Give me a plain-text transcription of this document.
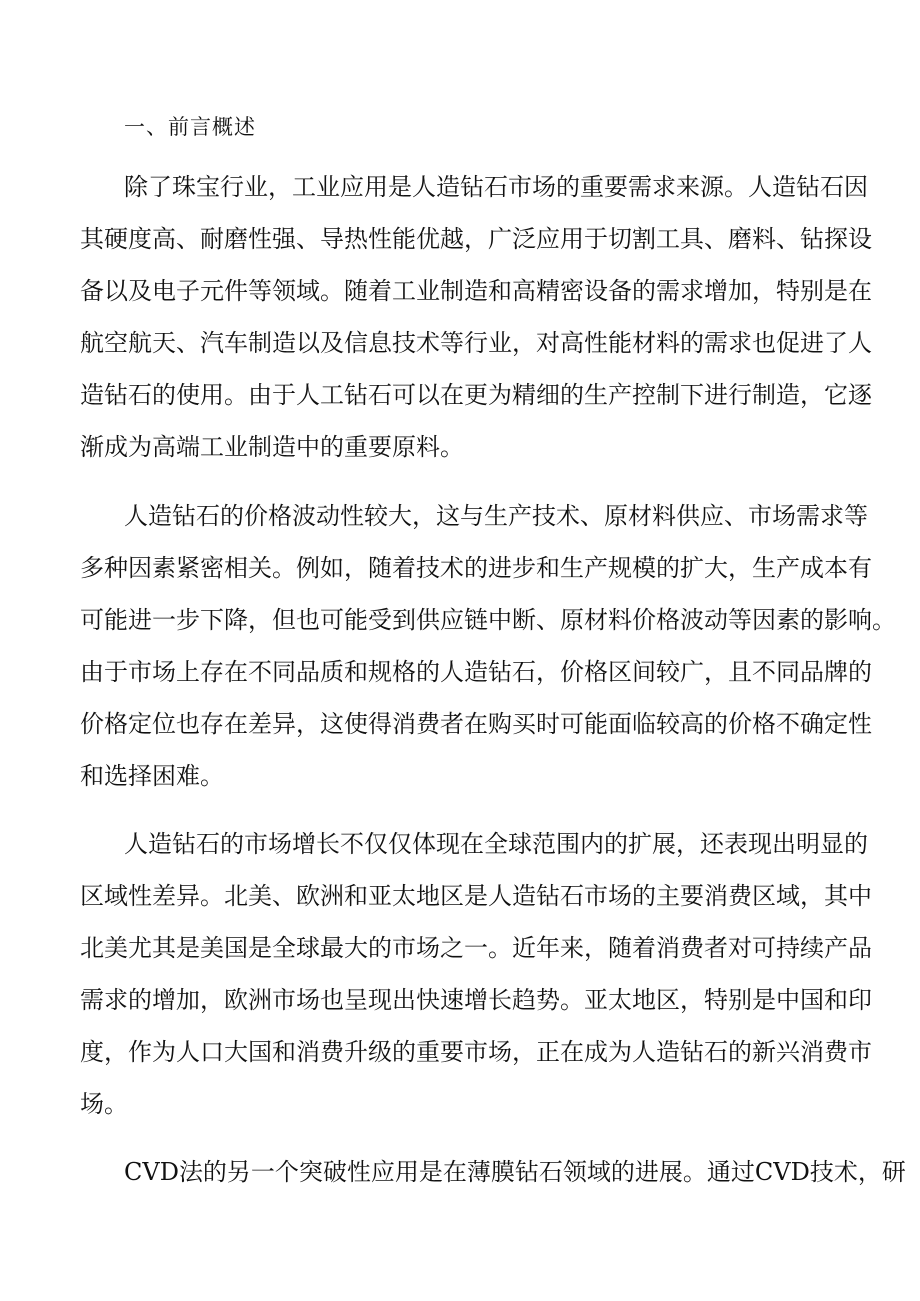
一、前言概述
除了珠宝行业，工业应用是人造钻石市场的重要需求来源。人造钻石因
其硬度高、耐磨性强、导热性能优越，广泛应用于切割工具、磨料、钻探设
备以及电子元件等领域。随着工业制造和高精密设备的需求增加，特别是在
航空航天、汽车制造以及信息技术等行业，对高性能材料的需求也促进了人
造钻石的使用。由于人工钻石可以在更为精细的生产控制下进行制造，它逐
渐成为高端工业制造中的重要原料。
人造钻石的价格波动性较大，这与生产技术、原材料供应、市场需求等
多种因素紧密相关。例如，随着技术的进步和生产规模的扩大，生产成本有
可能进一步下降，但也可能受到供应链中断、原材料价格波动等因素的影响。
由于市场上存在不同品质和规格的人造钻石，价格区间较广，且不同品牌的
价格定位也存在差异，这使得消费者在购买时可能面临较高的价格不确定性
和选择困难。
人造钻石的市场增长不仅仅体现在全球范围内的扩展，还表现出明显的
区域性差异。北美、欧洲和亚太地区是人造钻石市场的主要消费区域，其中
北美尤其是美国是全球最大的市场之一。近年来，随着消费者对可持续产品
需求的增加，欧洲市场也呈现出快速增长趋势。亚太地区，特别是中国和印
度，作为人口大国和消费升级的重要市场，正在成为人造钻石的新兴消费市
场。
CVD法的另一个突破性应用是在薄膜钻石领域的进展。通过CVD技术，研
